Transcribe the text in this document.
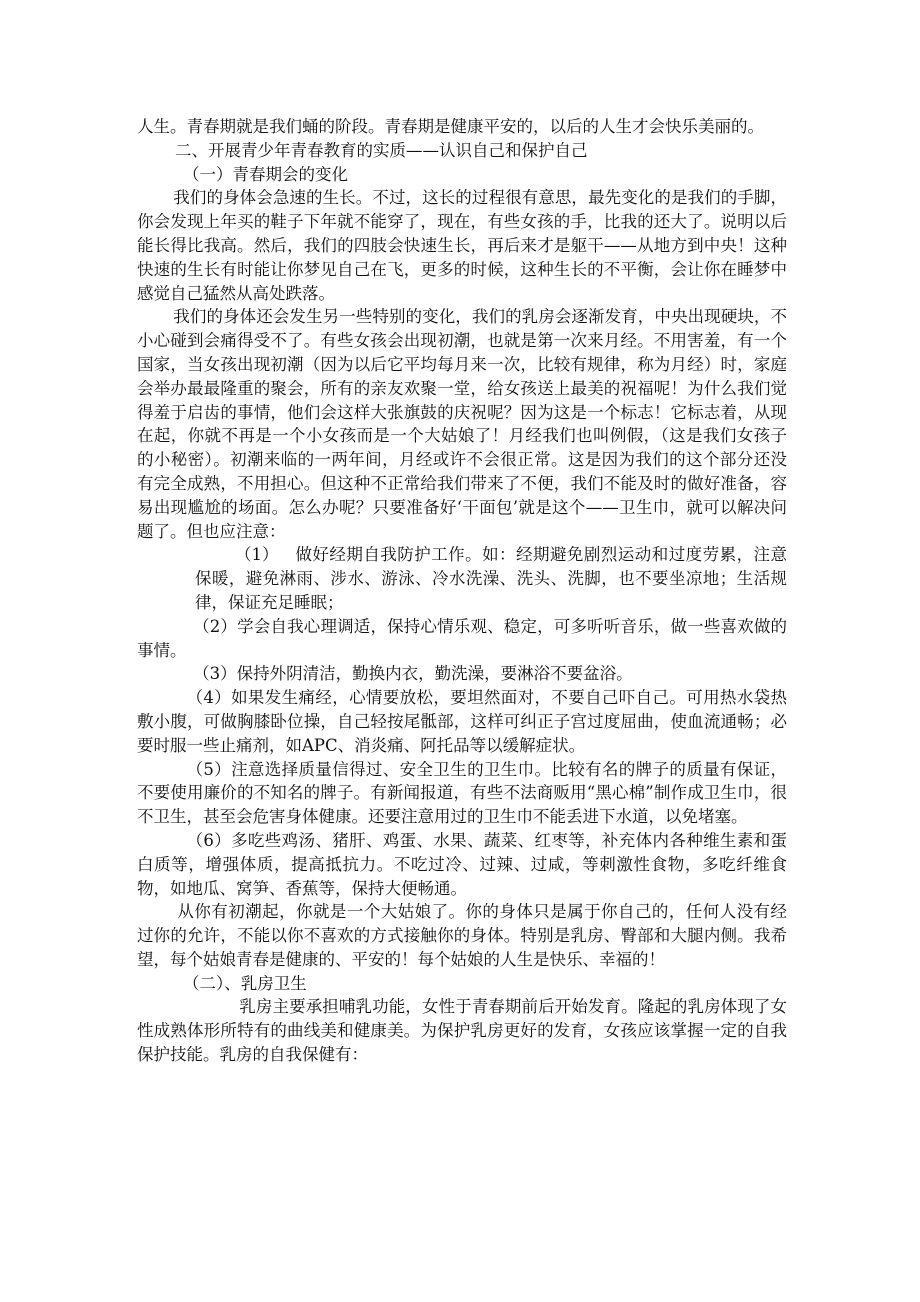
人生。青春期就是我们蛹的阶段。青春期是健康平安的，以后的人生才会快乐美丽的。

二、开展青少年青春教育的实质——认识自己和保护自己

（一）青春期会的变化

我们的身体会急速的生长。不过，这长的过程很有意思，最先变化的是我们的手脚，你会发现上年买的鞋子下年就不能穿了，现在，有些女孩的手，比我的还大了。说明以后能长得比我高。然后，我们的四肢会快速生长，再后来才是躯干——从地方到中央！这种快速的生长有时能让你梦见自己在飞，更多的时候，这种生长的不平衡，会让你在睡梦中感觉自己猛然从高处跌落。

我们的身体还会发生另一些特别的变化，我们的乳房会逐渐发育，中央出现硬块，不小心碰到会痛得受不了。有些女孩会出现初潮，也就是第一次来月经。不用害羞，有一个国家，当女孩出现初潮（因为以后它平均每月来一次，比较有规律，称为月经）时，家庭会举办最最隆重的聚会，所有的亲友欢聚一堂，给女孩送上最美的祝福呢！为什么我们觉得羞于启齿的事情，他们会这样大张旗鼓的庆祝呢？因为这是一个标志！它标志着，从现在起，你就不再是一个小女孩而是一个大姑娘了！月经我们也叫例假，（这是我们女孩子的小秘密）。初潮来临的一两年间，月经或许不会很正常。这是因为我们的这个部分还没有完全成熟，不用担心。但这种不正常给我们带来了不便，我们不能及时的做好准备，容易出现尴尬的场面。怎么办呢？只要准备好‘干面包’就是这个——卫生巾，就可以解决问题了。但也应注意：

（1） 做好经期自我防护工作。如：经期避免剧烈运动和过度劳累，注意保暖，避免淋雨、涉水、游泳、冷水洗澡、洗头、洗脚，也不要坐凉地；生活规律，保证充足睡眠；

（2）学会自我心理调适，保持心情乐观、稳定，可多听听音乐，做一些喜欢做的事情。

（3）保持外阴清洁，勤换内衣，勤洗澡，要淋浴不要盆浴。

（4）如果发生痛经，心情要放松，要坦然面对，不要自己吓自己。可用热水袋热敷小腹，可做胸膝卧位操，自己轻按尾骶部，这样可纠正子宫过度屈曲，使血流通畅；必要时服一些止痛剂，如APC、消炎痛、阿托品等以缓解症状。

（5）注意选择质量信得过、安全卫生的卫生巾。比较有名的牌子的质量有保证，不要使用廉价的不知名的牌子。有新闻报道，有些不法商贩用“黑心棉”制作成卫生巾，很不卫生，甚至会危害身体健康。还要注意用过的卫生巾不能丢进下水道，以免堵塞。

（6）多吃些鸡汤、猪肝、鸡蛋、水果、蔬菜、红枣等，补充体内各种维生素和蛋白质等，增强体质，提高抵抗力。不吃过冷、过辣、过咸，等刺激性食物，多吃纤维食物，如地瓜、窝笋、香蕉等，保持大便畅通。

从你有初潮起，你就是一个大姑娘了。你的身体只是属于你自己的，任何人没有经过你的允许，不能以你不喜欢的方式接触你的身体。特别是乳房、臀部和大腿内侧。我希望，每个姑娘青春是健康的、平安的！每个姑娘的人生是快乐、幸福的！

（二）、乳房卫生

乳房主要承担哺乳功能，女性于青春期前后开始发育。隆起的乳房体现了女性成熟体形所特有的曲线美和健康美。为保护乳房更好的发育，女孩应该掌握一定的自我保护技能。乳房的自我保健有：
